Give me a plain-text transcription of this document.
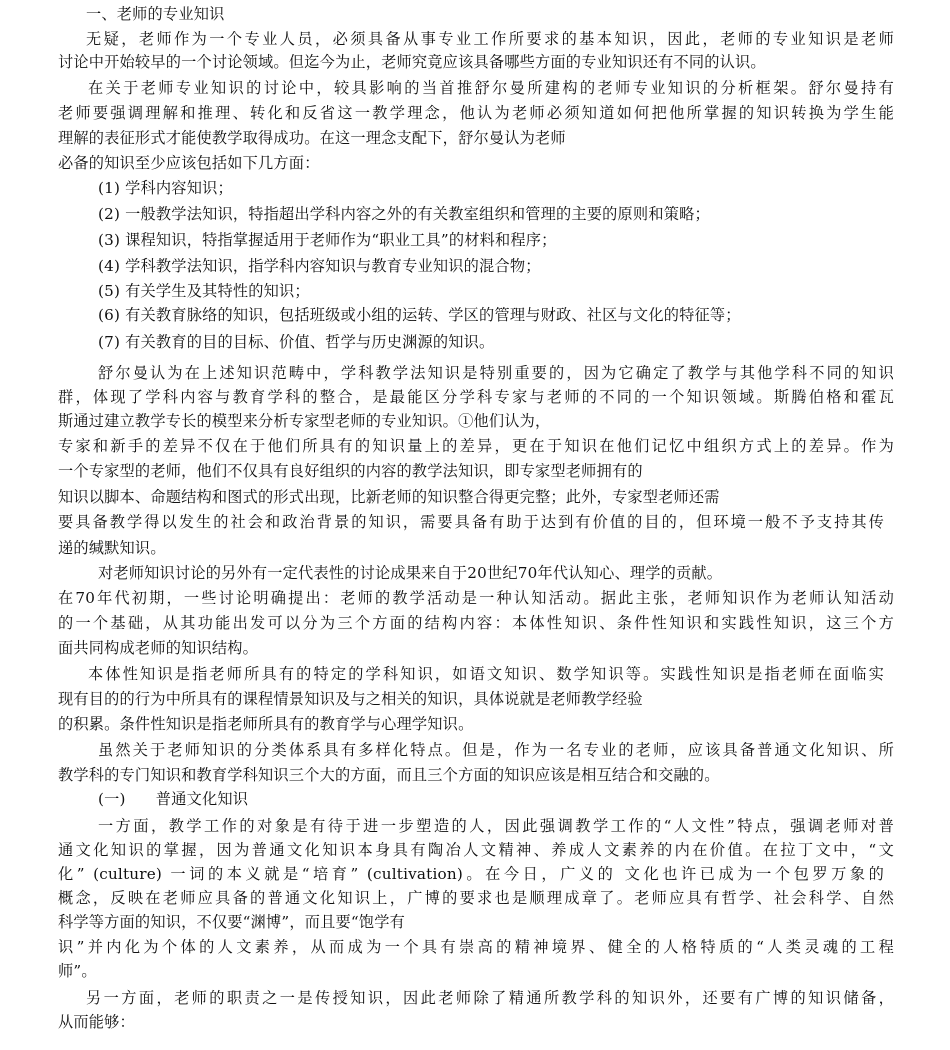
一、老师的专业知识
无疑，老师作为一个专业人员，必须具备从事专业工作所要求的基本知识，因此，老师的专业知识是老师
讨论中开始较早的一个讨论领域。但迄今为止，老师究竟应该具备哪些方面的专业知识还有不同的认识。
在关于老师专业知识的讨论中，较具影响的当首推舒尔曼所建构的老师专业知识的分析框架。舒尔曼持有
老师要强调理解和推理、转化和反省这一教学理念，他认为老师必须知道如何把他所掌握的知识转换为学生能
理解的表征形式才能使教学取得成功。在这一理念支配下，舒尔曼认为老师
必备的知识至少应该包括如下几方面：
(1) 学科内容知识；
(2) 一般教学法知识，特指超出学科内容之外的有关教室组织和管理的主要的原则和策略；
(3) 课程知识，特指掌握适用于老师作为“职业工具”的材料和程序；
(4) 学科教学法知识，指学科内容知识与教育专业知识的混合物；
(5) 有关学生及其特性的知识；
(6) 有关教育脉络的知识，包括班级或小组的运转、学区的管理与财政、社区与文化的特征等；
(7) 有关教育的目的目标、价值、哲学与历史渊源的知识。
舒尔曼认为在上述知识范畴中，学科教学法知识是特别重要的，因为它确定了教学与其他学科不同的知识
群，体现了学科内容与教育学科的整合，是最能区分学科专家与老师的不同的一个知识领域。斯腾伯格和霍瓦
斯通过建立教学专长的模型来分析专家型老师的专业知识。①他们认为，
专家和新手的差异不仅在于他们所具有的知识量上的差异，更在于知识在他们记忆中组织方式上的差异。作为
一个专家型的老师，他们不仅具有良好组织的内容的教学法知识，即专家型老师拥有的
知识以脚本、命题结构和图式的形式出现，比新老师的知识整合得更完整；此外，专家型老师还需
要具备教学得以发生的社会和政治背景的知识，需要具备有助于达到有价值的目的，但环境一般不予支持其传
递的缄默知识。
对老师知识讨论的另外有一定代表性的讨论成果来自于20世纪70年代认知心、理学的贡献。
在70年代初期，一些讨论明确提出：老师的教学活动是一种认知活动。据此主张，老师知识作为老师认知活动
的一个基础，从其功能出发可以分为三个方面的结构内容：本体性知识、条件性知识和实践性知识，这三个方
面共同构成老师的知识结构。
本体性知识是指老师所具有的特定的学科知识，如语文知识、数学知识等。实践性知识是指老师在面临实
现有目的的行为中所具有的课程情景知识及与之相关的知识，具体说就是老师教学经验
的积累。条件性知识是指老师所具有的教育学与心理学知识。
虽然关于老师知识的分类体系具有多样化特点。但是，作为一名专业的老师，应该具备普通文化知识、所
教学科的专门知识和教育学科知识三个大的方面，而且三个方面的知识应该是相互结合和交融的。
(一)      普通文化知识
一方面，教学工作的对象是有待于进一步塑造的人，因此强调教学工作的“人文性”特点，强调老师对普
通文化知识的掌握，因为普通文化知识本身具有陶冶人文精神、养成人文素养的内在价值。在拉丁文中，“文
化” (culture) 一词的本义就是“培育” (cultivation)。在今日，广义的 文化也许已成为一个包罗万象的
概念，反映在老师应具备的普通文化知识上，广博的要求也是顺理成章了。老师应具有哲学、社会科学、自然
科学等方面的知识，不仅要“渊博”，而且要“饱学有
识”并内化为个体的人文素养，从而成为一个具有崇高的精神境界、健全的人格特质的“人类灵魂的工程
师”。
另一方面，老师的职责之一是传授知识，因此老师除了精通所教学科的知识外，还要有广博的知识储备，
从而能够：
